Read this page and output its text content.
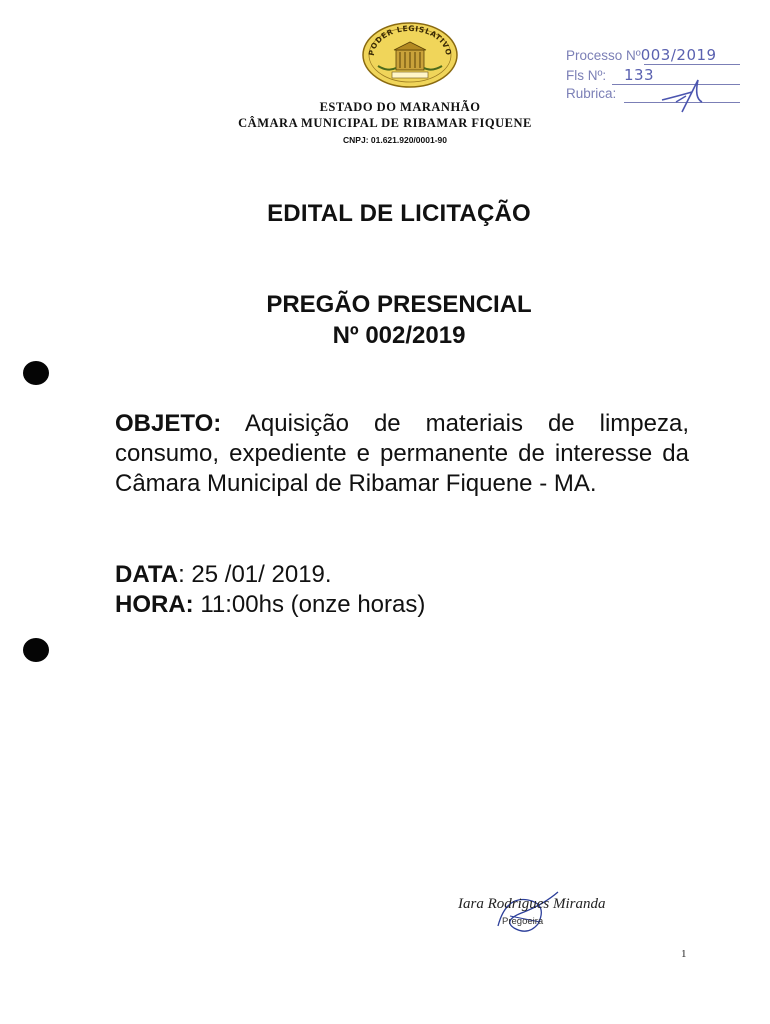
PODER LEGISLATIVO
ESTADO DO MARANHÃO
CÂMARA MUNICIPAL DE RIBAMAR FIQUENE
CNPJ: 01.621.920/0001-90
Processo Nº003/2019
Fls Nº: 133
Rubrica:
EDITAL DE LICITAÇÃO
PREGÃO PRESENCIAL
Nº 002/2019
OBJETO: Aquisição de materiais de limpeza, consumo, expediente e permanente de interesse da Câmara Municipal de Ribamar Fiquene - MA.
DATA: 25 /01/ 2019.
HORA: 11:00hs (onze horas)
Iara Rodrigues Miranda
Pregoeira
1
